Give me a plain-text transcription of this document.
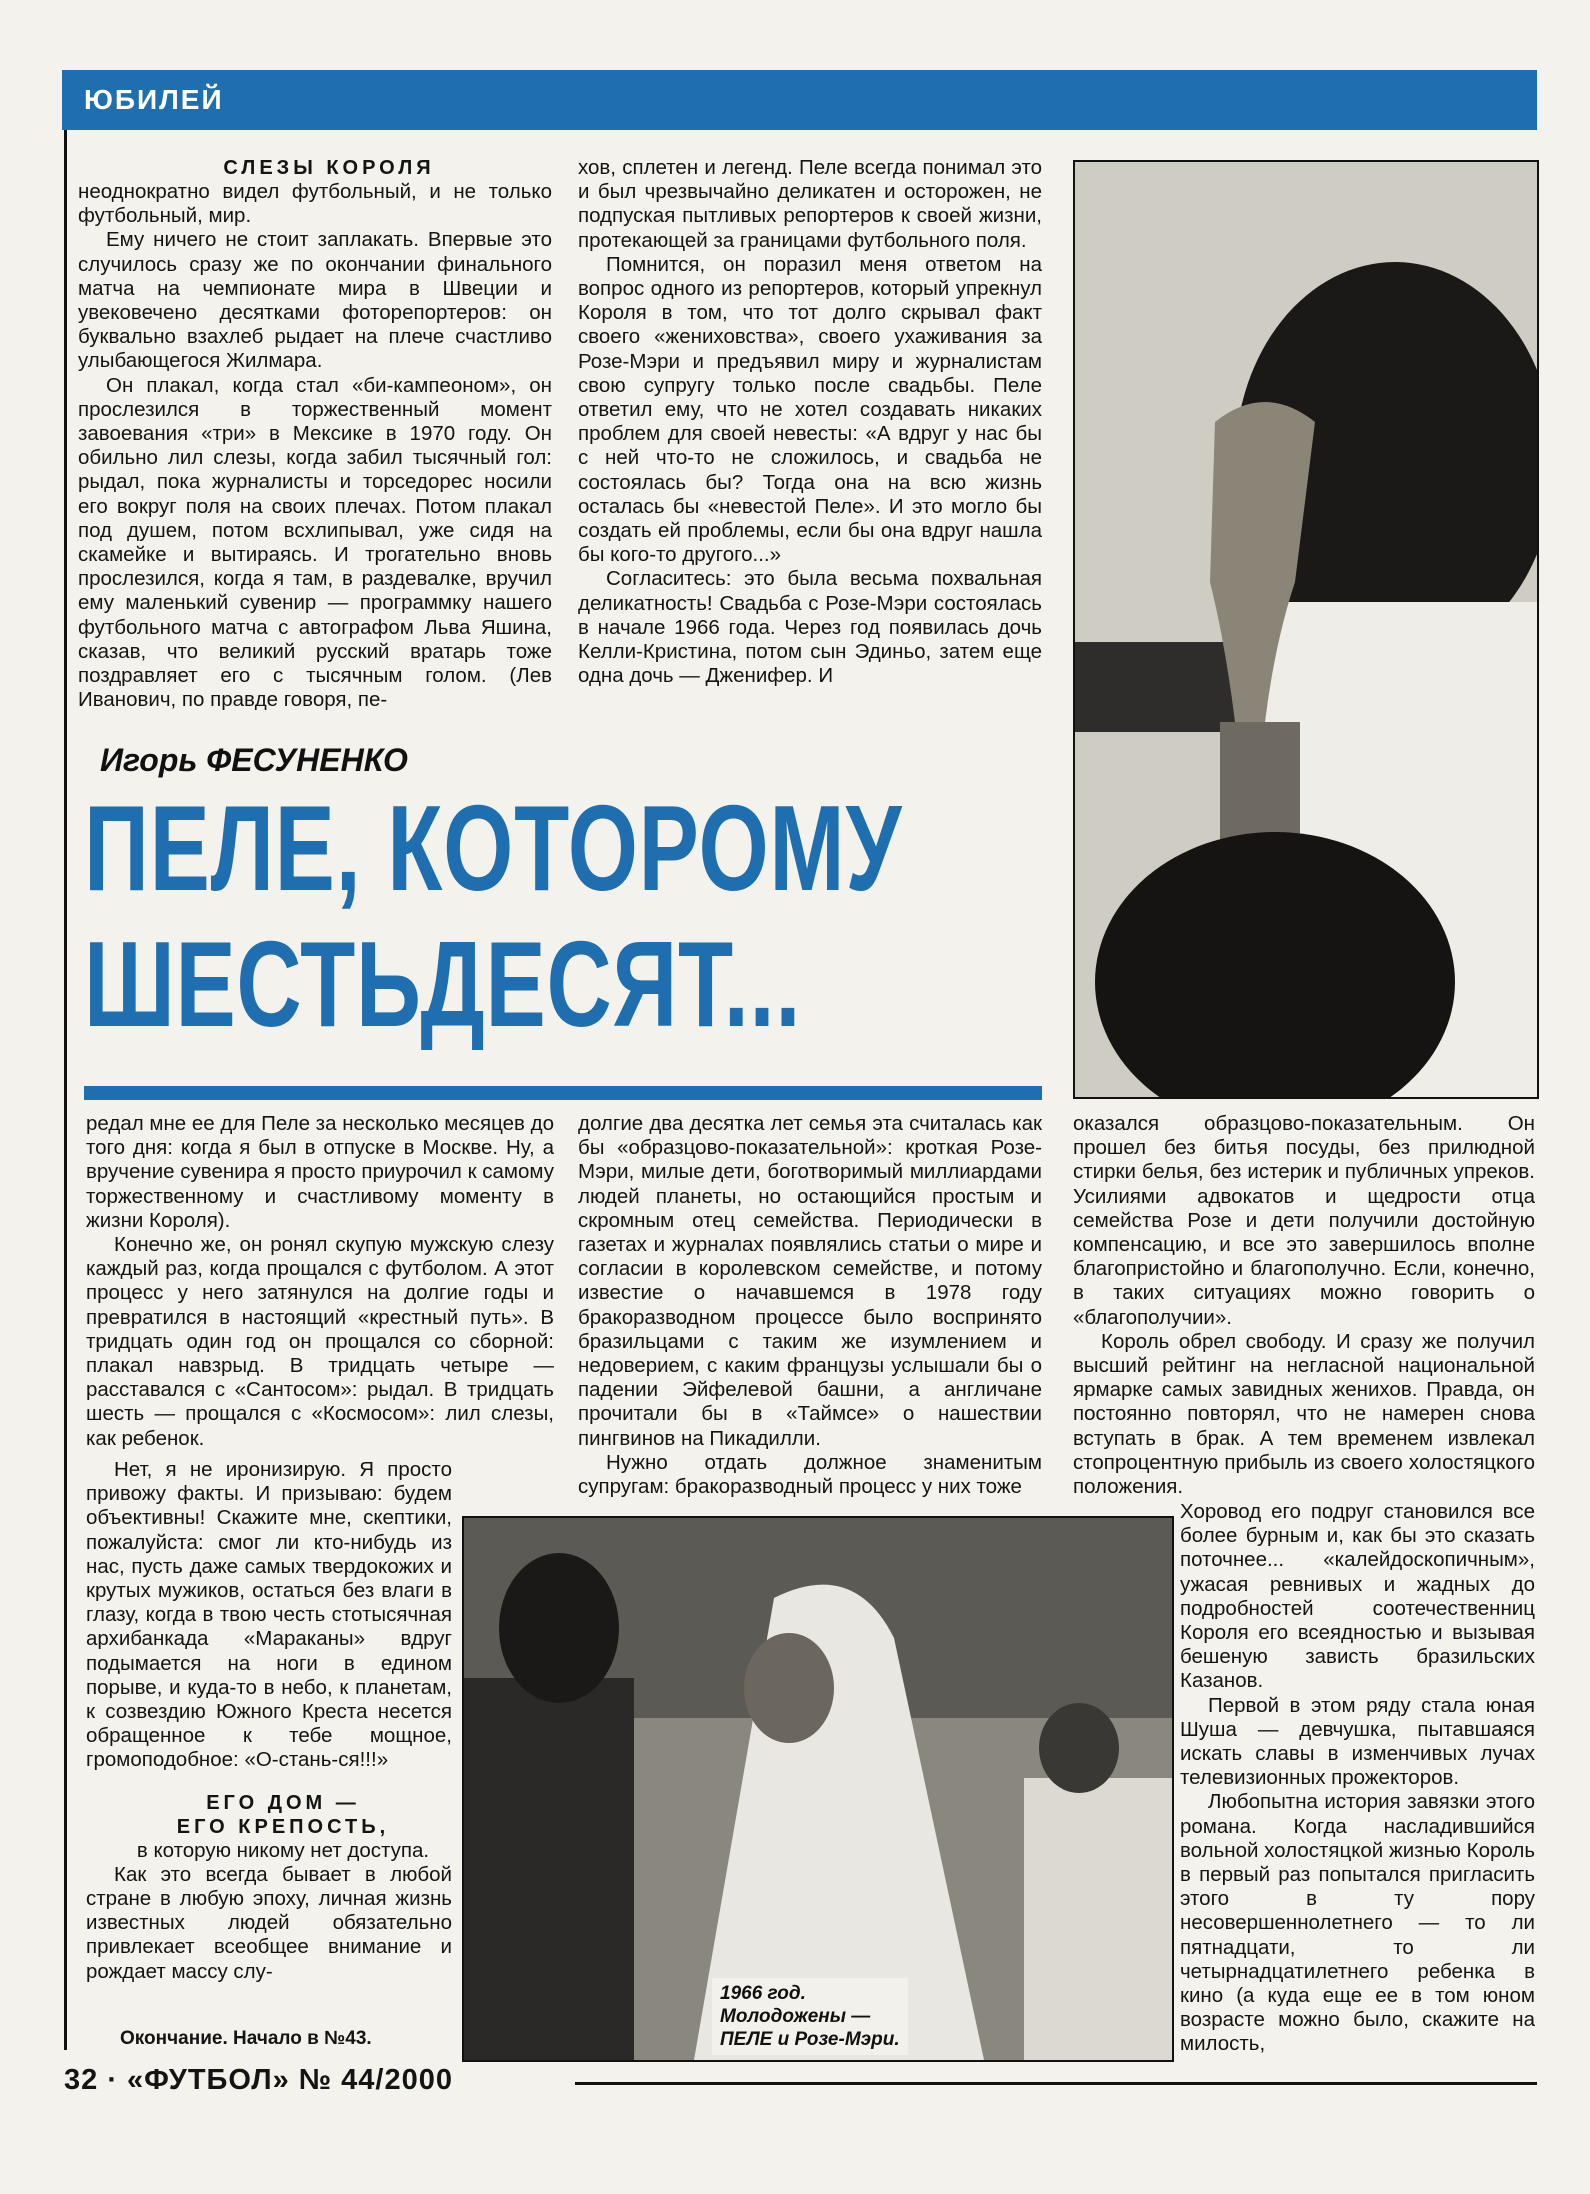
ЮБИЛЕЙ

СЛЕЗЫ КОРОЛЯ

неоднократно видел футбольный, и не только футбольный, мир.

Ему ничего не стоит заплакать. Впервые это случилось сразу же по окончании финального матча на чемпионате мира в Швеции и увековечено десятками фоторепортеров: он буквально взахлеб рыдает на плече счастливо улыбающегося Жилмара.

Он плакал, когда стал «би-кампеоном», он прослезился в торжественный момент завоевания «три» в Мексике в 1970 году. Он обильно лил слезы, когда забил тысячный гол: рыдал, пока журналисты и торседорес носили его вокруг поля на своих плечах. Потом плакал под душем, потом всхлипывал, уже сидя на скамейке и вытираясь. И трогательно вновь прослезился, когда я там, в раздевалке, вручил ему маленький сувенир — программку нашего футбольного матча с автографом Льва Яшина, сказав, что великий русский вратарь тоже поздравляет его с тысячным голом. (Лев Иванович, по правде говоря, пе-

хов, сплетен и легенд. Пеле всегда понимал это и был чрезвычайно деликатен и осторожен, не подпуская пытливых репортеров к своей жизни, протекающей за границами футбольного поля.

Помнится, он поразил меня ответом на вопрос одного из репортеров, который упрекнул Короля в том, что тот долго скрывал факт своего «жениховства», своего ухаживания за Розе-Мэри и предъявил миру и журналистам свою супругу только после свадьбы. Пеле ответил ему, что не хотел создавать никаких проблем для своей невесты: «А вдруг у нас бы с ней что-то не сложилось, и свадьба не состоялась бы? Тогда она на всю жизнь осталась бы «невестой Пеле». И это могло бы создать ей проблемы, если бы она вдруг нашла бы кого-то другого...»

Согласитесь: это была весьма похвальная деликатность! Свадьба с Розе-Мэри состоялась в начале 1966 года. Через год появилась дочь Келли-Кристина, потом сын Эдиньо, затем еще одна дочь — Дженифер. И

Игорь ФЕСУНЕНКО
ПЕЛЕ, КОТОРОМУ
ШЕСТЬДЕСЯТ...

редал мне ее для Пеле за несколько месяцев до того дня: когда я был в отпуске в Москве. Ну, а вручение сувенира я просто приурочил к самому торжественному и счастливому моменту в жизни Короля).

Конечно же, он ронял скупую мужскую слезу каждый раз, когда прощался с футболом. А этот процесс у него затянулся на долгие годы и превратился в настоящий «крестный путь». В тридцать один год он прощался со сборной: плакал навзрыд. В тридцать четыре — расставался с «Сантосом»: рыдал. В тридцать шесть — прощался с «Космосом»: лил слезы, как ребенок.

Нет, я не иронизирую. Я просто привожу факты. И призываю: будем объективны! Скажите мне, скептики, пожалуйста: смог ли кто-нибудь из нас, пусть даже самых твердокожих и крутых мужиков, остаться без влаги в глазу, когда в твою честь стотысячная архибанкада «Мараканы» вдруг подымается на ноги в едином порыве, и куда-то в небо, к планетам, к созвездию Южного Креста несется обращенное к тебе мощное, громоподобное: «О-стань-ся!!!»

ЕГО ДОМ —

ЕГО КРЕПОСТЬ,

в которую никому нет доступа.

Как это всегда бывает в любой стране в любую эпоху, личная жизнь известных людей обязательно привлекает всеобщее внимание и рождает массу слу-

долгие два десятка лет семья эта считалась как бы «образцово-показательной»: кроткая Розе-Мэри, милые дети, боготворимый миллиардами людей планеты, но остающийся простым и скромным отец семейства. Периодически в газетах и журналах появлялись статьи о мире и согласии в королевском семействе, и потому известие о начавшемся в 1978 году бракоразводном процессе было воспринято бразильцами с таким же изумлением и недоверием, с каким французы услышали бы о падении Эйфелевой башни, а англичане прочитали бы в «Таймсе» о нашествии пингвинов на Пикадилли.

Нужно отдать должное знаменитым супругам: бракоразводный процесс у них тоже

оказался образцово-показательным. Он прошел без битья посуды, без прилюдной стирки белья, без истерик и публичных упреков. Усилиями адвокатов и щедрости отца семейства Розе и дети получили достойную компенсацию, и все это завершилось вполне благопристойно и благополучно. Если, конечно, в таких ситуациях можно говорить о «благополучии».

Король обрел свободу. И сразу же получил высший рейтинг на негласной национальной ярмарке самых завидных женихов. Правда, он постоянно повторял, что не намерен снова вступать в брак. А тем временем извлекал стопроцентную прибыль из своего холостяцкого положения.

Хоровод его подруг становился все более бурным и, как бы это сказать поточнее... «калейдоскопичным», ужасая ревнивых и жадных до подробностей соотечественниц Короля его всеядностью и вызывая бешеную зависть бразильских Казанов.

Первой в этом ряду стала юная Шуша — девчушка, пытавшаяся искать славы в изменчивых лучах телевизионных прожекторов.

Любопытна история завязки этого романа. Когда насладившийся вольной холостяцкой жизнью Король в первый раз попытался пригласить этого в ту пору несовершеннолетнего — то ли пятнадцати, то ли четырнадцатилетнего ребенка в кино (а куда еще ее в том юном возрасте можно было, скажите на милость,

1966 год.
Молодожены —
ПЕЛЕ и Розе-Мэри.
Окончание. Начало в №43.
32 · «ФУТБОЛ» № 44/2000
